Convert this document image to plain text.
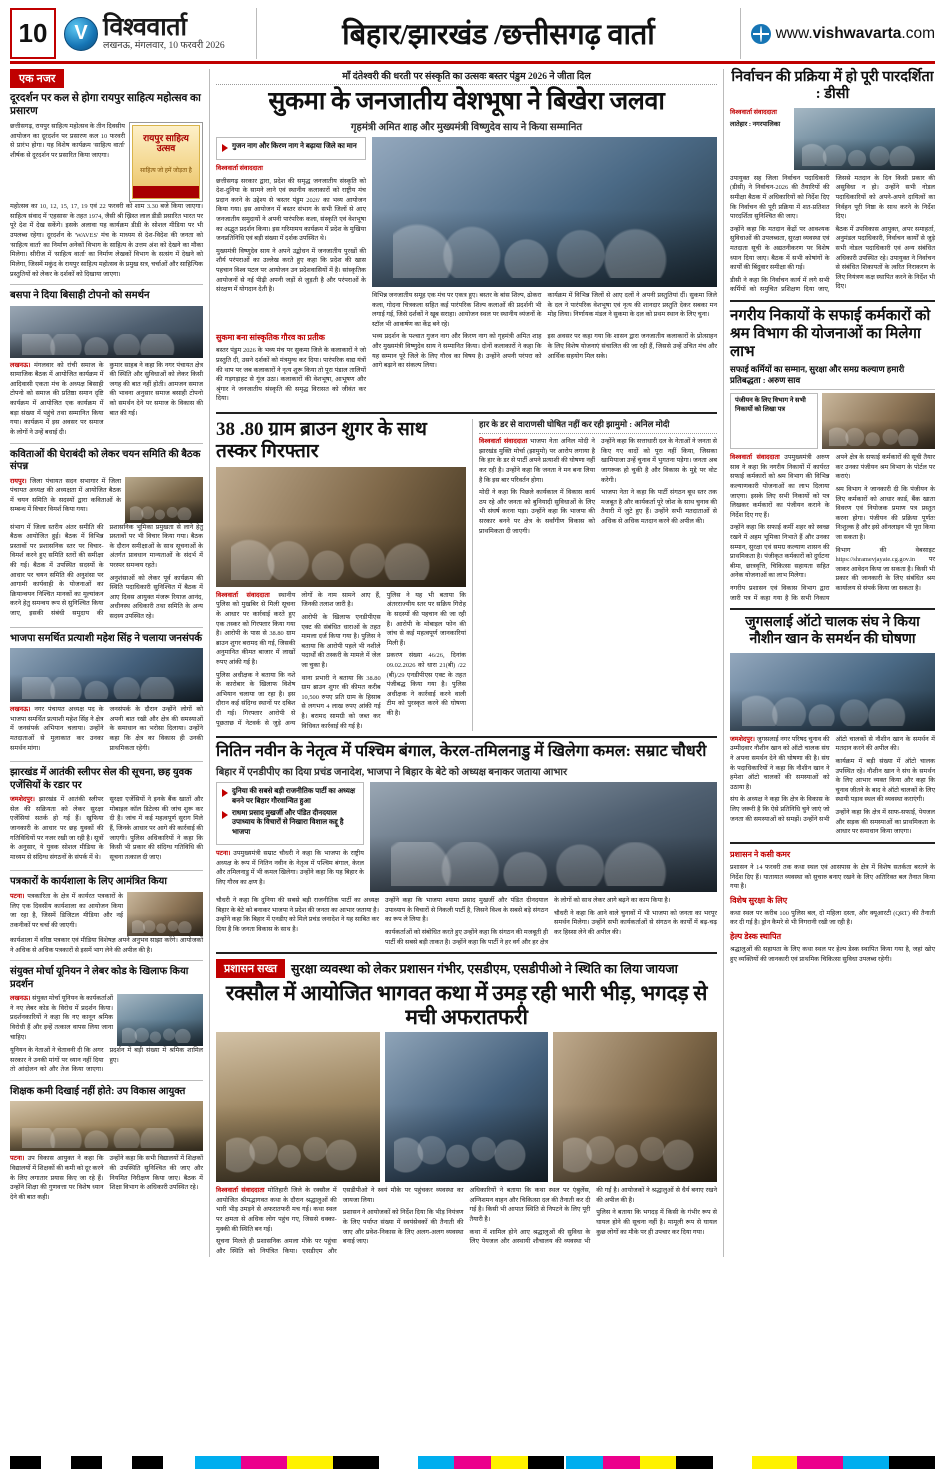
10 V	विश्ववार्ता
लखनऊ, मंगलवार, 10 फरवरी 2026	बिहार/झारखंड /छत्तीसगढ़ वार्ता	www.vishwavarta.com
एक नजर
दूरदर्शन पर कल से होगा रायपुर साहित्य महोत्सव का प्रसारण

छत्तीसगढ़, रायपुर साहित्य महोत्सव के तीन दिवसीय आयोजन का दूरदर्शन पर प्रसारण कल 10 फरवरी से प्रारंभ होगा। यह विशेष कार्यक्रम 'साहित्य वार्ता' शीर्षक से दूरदर्शन पर प्रसारित किया जाएगा।

रायपुर साहित्य उत्सव
साहित्य जो हमें जोड़ता है

महोत्सव का 10, 12, 15, 17, 19 एवं 22 फरवरी को शाम 3.30 बजे किया जाएगा। साहित्य संवाद में 'एहसास' के तहत 1974, जैसी श्री ख्रिस्त लाल डीडी प्रसारित भारत पर पूरे देश में देख सकेंगे। इसके अलावा यह कार्यक्रम डीडी के सोशल मीडिया पर भी उपलब्ध रहेगा। दूरदर्शन के 'WAVES' मंच के माध्यम से देश-विदेश की जनता को 'साहित्य वार्ता' का निर्माण अनेकों विभाग के साहित्य के उत्तम अंश को देखने का मौका मिलेगा। सीरीज में 'साहित्य वार्ता' का निर्माण लेखकों विभाग के सत्संग में देखने को मिलेगा, जिसमें मकुंद के रायपुर साहित्य महोत्सव के प्रमुख सत्र, चर्चाओं और साहित्यिक प्रस्तुतियों को लेकर के दर्शकों को दिखाया जाएगा।

बसपा ने दिया बिसाही टोपनो को समर्थन

लखनऊ। मंगलवार को रांची समाज के सामाजिक बैठक में आयोजित कार्यक्रम में आदिवासी एकता मंच के अध्यक्ष बिसाही टोपनो को समाज की प्रतिष्ठा समान दृष्टि कार्यक्रम में आयोजित एक कार्यक्रम में बड़ा संख्या में पहुंचे तथा सम्मानित किया गया। कार्यक्रम में इस अवसर पर समाज के लोगों ने उन्हें बधाई दी।

कुमार साहब ने कहा कि नगर पंचायत क्षेत्र की स्थिति और सुविधाओं को लेकर किसी जगह की बात नहीं होती। आमजन समाज की भावना अनुसार समाज बसाही टोपनो को समर्थन देने पर समाज के विकास की बात की गई।

कविताओं की घेराबंदी को लेकर चयन समिति की बैठक संपन्न

रायपुर। जिला पंचायत सदन सभागार में जिला पंचायत अध्यक्ष की अध्यक्षता में आयोजित बैठक में चयन समिति के सदस्यों द्वारा कविताओं के सम्बन्ध में विचार विमर्श किया गया।

संभाग में जिला स्तरीय अंतर समीति की बैठक आयोजित हुई। बैठक में विभिन्न प्रस्तावों पर प्रशासनिक स्तर पर विचार-विमर्श करने हुए समिति स्तरों की समीक्षा की गई। बैठक में उपस्थित सदस्यों के आधार पर चयन समिति की अनुशंसा पर आगामी कार्यवाही के योजनाओं का क्रियान्वयन निश्चित मानकों का मूल्यांकन करने हेतु समन्वय रूप से सुनिश्चित किया जाए, इसकी संबंधी समुदाय की प्रशासनिक भूमिका प्रमुखता से लाने हेतु प्रस्तावों पर भी विचार किया गया। बैठक के दौरान समीक्षाओं के साथ सूचनाओं के अंतर्गत प्रावधान मान्यताओं के संदर्भ में परस्पर समन्वय रहते।

अनुशंसाओं को लेकर पूर्व कार्यक्रम की स्थिति पदाधिकारी सुनिश्चित में बैठक में आए दिवस आयुक्त मंजरू रियाज आनंद, अधीनस्थ अधिकारी तथा समिति के अन्य सदस्य उपस्थित रहे।

भाजपा समर्थित प्रत्याशी महेश सिंह ने चलाया जनसंपर्क

लखनऊ। नगर पंचायत अध्यक्ष पद के भाजपा समर्थित प्रत्याशी महेश सिंह ने क्षेत्र में जनसंपर्क अभियान चलाया। उन्होंने मतदाताओं से मुलाकात कर उनका समर्थन मांगा।

जनसंपर्क के दौरान उन्होंने लोगों को अपनी बात रखी और क्षेत्र की समस्याओं के समाधान का भरोसा दिलाया। उन्होंने कहा कि क्षेत्र का विकास ही उनकी प्राथमिकता रहेगी।

झारखंड में आतंकी स्लीपर सेल की सूचना, छह युवक एजेंसियों के रडार पर

जमशेदपुर। झारखंड में आतंकी स्लीपर सेल की सक्रियता को लेकर सुरक्षा एजेंसियां सतर्क हो गई हैं। खुफिया जानकारी के आधार पर छह युवकों की गतिविधियों पर नजर रखी जा रही है। सूत्रों के अनुसार, ये युवक सोशल मीडिया के माध्यम से संदिग्ध संगठनों के संपर्क में थे।

सुरक्षा एजेंसियों ने इनके बैंक खातों और मोबाइल कॉल डिटेल्स की जांच शुरू कर दी है। जांच में कई महत्वपूर्ण सुराग मिले हैं, जिनके आधार पर आगे की कार्रवाई की जाएगी। पुलिस अधिकारियों ने कहा कि किसी भी प्रकार की संदिग्ध गतिविधि की सूचना तत्काल दी जाए।

पत्रकारों के कार्यशाला के लिए आमंत्रित किया

पटना। पत्रकारिता के क्षेत्र में कार्यरत पत्रकारों के लिए एक दिवसीय कार्यशाला का आयोजन किया जा रहा है, जिसमें डिजिटल मीडिया और नई तकनीकों पर चर्चा की जाएगी।

कार्यशाला में वरिष्ठ पत्रकार एवं मीडिया विशेषज्ञ अपने अनुभव साझा करेंगे। आयोजकों ने अधिक से अधिक पत्रकारों से इसमें भाग लेने की अपील की है।

संयुक्त मोर्चा यूनियन ने लेबर कोड के खिलाफ किया प्रदर्शन

लखनऊ। संयुक्त मोर्चा यूनियन के कार्यकर्ताओं ने नए लेबर कोड के विरोध में प्रदर्शन किया। प्रदर्शनकारियों ने कहा कि नए कानून श्रमिक विरोधी हैं और इन्हें तत्काल वापस लिया जाना चाहिए।

यूनियन के नेताओं ने चेतावनी दी कि अगर सरकार ने उनकी मांगों पर ध्यान नहीं दिया तो आंदोलन को और तेज किया जाएगा। प्रदर्शन में बड़ी संख्या में श्रमिक शामिल हुए।

शिक्षक कमी दिखाई नहीं होते: उप विकास आयुक्त

पटना। उप विकास आयुक्त ने कहा कि विद्यालयों में शिक्षकों की कमी को दूर करने के लिए लगातार प्रयास किए जा रहे हैं। उन्होंने शिक्षा की गुणवत्ता पर विशेष ध्यान देने की बात कही।

उन्होंने कहा कि सभी विद्यालयों में शिक्षकों की उपस्थिति सुनिश्चित की जाए और नियमित निरीक्षण किया जाए। बैठक में शिक्षा विभाग के अधिकारी उपस्थित रहे।

माँ दंतेश्वरी की धरती पर संस्कृति का उत्सवः बस्तर पंडुम 2026 ने जीता दिल
सुकमा के जनजातीय वेशभूषा ने बिखेरा जलवा
गृहमंत्री अमित शाह और मुख्यमंत्री विष्णुदेव साय ने किया सम्मानित
गुजन नाग और किरण नाग ने बढ़ाया जिले का मान

विश्ववार्ता संवाददाता

छत्तीसगढ़ सरकार द्वारा, प्रदेश की समृद्ध जनजातीय संस्कृति को देश-दुनिया के सामने लाने एवं स्थानीय कलाकारों को राष्ट्रीय मंच प्रदान करने के उद्देश्य से 'बस्तर पंडुम 2026' का भव्य आयोजन किया गया। इस आयोजन में बस्तर संभाग के सभी जिलों से आए जनजातीय समुदायों ने अपनी पारंपरिक कला, संस्कृति एवं वेशभूषा का अद्भुत प्रदर्शन किया। इस गरिमामय कार्यक्रम में प्रदेश के मुखिया जनप्रतिनिधि एवं बड़ी संख्या में दर्शक उपस्थित थे।

मुख्यमंत्री विष्णुदेव साय ने अपने उद्बोधन में जनजातीय पुरखों की शौर्य परंपराओं का उल्लेख करते हुए कहा कि प्रदेश की खास पहचान विश्व पटल पर आयोजन उन प्रदेशवासियों में है। सांस्कृतिक आयोजनों से नई पीढ़ी अपनी जड़ों से जुड़ती है और परंपराओं के संरक्षण में योगदान देती है।

विभिन्न जनजातीय समूह एक मंच पर एकत्र हुए। बस्तर के बांस शिल्प, ढोकरा कला, गोदना चित्रकला सहित कई पारंपरिक शिल्प कलाओं की प्रदर्शनी भी लगाई गई, जिसे दर्शकों ने खूब सराहा। आयोजन स्थल पर स्थानीय व्यंजनों के स्टॉल भी आकर्षण का केंद्र बने रहे।

कार्यक्रम में विभिन्न जिलों से आए दलों ने अपनी प्रस्तुतियां दीं। सुकमा जिले के दल ने पारंपरिक वेशभूषा एवं नृत्य की शानदार प्रस्तुति देकर सबका मन मोह लिया। निर्णायक मंडल ने सुकमा के दल को प्रथम स्थान के लिए चुना।

सुकमा बना सांस्कृतिक गौरव का प्रतीक

बस्तर पंडुम 2026 के भव्य मंच पर सुकमा जिले के कलाकारों ने जो प्रस्तुति दी, उसने दर्शकों को मंत्रमुग्ध कर दिया। पारंपरिक वाद्य यंत्रों की थाप पर जब कलाकारों ने नृत्य शुरू किया तो पूरा पंडाल तालियों की गड़गड़ाहट से गूंज उठा। कलाकारों की वेशभूषा, आभूषण और श्रृंगार ने जनजातीय संस्कृति की समृद्ध विरासत को जीवंत कर दिया।

भव्य प्रदर्शन के पश्चात गुजन नाग और किरण नाग को गृहमंत्री अमित शाह और मुख्यमंत्री विष्णुदेव साय ने सम्मानित किया। दोनों कलाकारों ने कहा कि यह सम्मान पूरे जिले के लिए गौरव का विषय है। उन्होंने अपनी परंपरा को आगे बढ़ाने का संकल्प लिया।

इस अवसर पर कहा गया कि शासन द्वारा जनजातीय कलाकारों के प्रोत्साहन के लिए विशेष योजनाएं संचालित की जा रही हैं, जिससे उन्हें उचित मंच और आर्थिक सहयोग मिल सके।

38 .80 ग्राम ब्राउन शुगर के साथ तस्कर गिरफ्तार

विश्ववार्ता संवाददाता स्थानीय पुलिस को मुखबिर से मिली सूचना के आधार पर कार्रवाई करते हुए एक तस्कर को गिरफ्तार किया गया है। आरोपी के पास से 38.80 ग्राम ब्राउन शुगर बरामद की गई, जिसकी अनुमानित कीमत बाजार में लाखों रुपए आंकी गई है।

पुलिस अधीक्षक ने बताया कि नशे के कारोबार के खिलाफ विशेष अभियान चलाया जा रहा है। इस दौरान कई संदिग्ध स्थानों पर दबिश दी गई। गिरफ्तार आरोपी से पूछताछ में नेटवर्क से जुड़े अन्य लोगों के नाम सामने आए हैं, जिनकी तलाश जारी है।

आरोपी के खिलाफ एनडीपीएस एक्ट की संबंधित धाराओं के तहत मामला दर्ज किया गया है। पुलिस ने बताया कि आरोपी पहले भी नशीले पदार्थों की तस्करी के मामले में जेल जा चुका है।

थाना प्रभारी ने बताया कि 38.80 ग्राम ब्राउन शुगर की कीमत करीब 10,500 रुपए प्रति ग्राम के हिसाब से लगभग 4 लाख रुपए आंकी गई है। बरामद सामग्री को जब्त कर विधिवत कार्रवाई की गई है।

पुलिस ने यह भी बताया कि अंतरराज्यीय स्तर पर सक्रिय गिरोह के सदस्यों की पहचान की जा रही है। आरोपी के मोबाइल फोन की जांच से कई महत्वपूर्ण जानकारियां मिली हैं।

प्रकरण संख्या 46/26, दिनांक 09.02.2026 को धारा 21(बी) /22 (बी)/29 एनडीपीएस एक्ट के तहत पंजीबद्ध किया गया है। पुलिस अधीक्षक ने कार्रवाई करने वाली टीम को पुरस्कृत करने की घोषणा की है।

हार के डर से वाराणसी घोषित नहीं कर रही झामुमो : अनिल मोदी

विश्ववार्ता संवाददाता भाजपा नेता अनिल मोदी ने झारखंड मुक्ति मोर्चा (झामुमो) पर आरोप लगाया है कि हार के डर से पार्टी अपने प्रत्याशी की घोषणा नहीं कर रही है। उन्होंने कहा कि जनता ने मन बना लिया है कि इस बार परिवर्तन होगा।

मोदी ने कहा कि पिछले कार्यकाल में विकास कार्य ठप रहे और जनता को बुनियादी सुविधाओं के लिए भी संघर्ष करना पड़ा। उन्होंने कहा कि भाजपा की सरकार बनने पर क्षेत्र के सर्वांगीण विकास को प्राथमिकता दी जाएगी।

उन्होंने कहा कि सत्ताधारी दल के नेताओं ने जनता से किए गए वादों को पूरा नहीं किया, जिसका खामियाजा उन्हें चुनाव में भुगतना पड़ेगा। जनता अब जागरूक हो चुकी है और विकास के मुद्दे पर वोट करेगी।

भाजपा नेता ने कहा कि पार्टी संगठन बूथ स्तर तक मजबूत है और कार्यकर्ता पूरे जोश के साथ चुनाव की तैयारी में जुटे हुए हैं। उन्होंने सभी मतदाताओं से अधिक से अधिक मतदान करने की अपील की।

नितिन नवीन के नेतृत्व में पश्चिम बंगाल, केरल-तमिलनाडु में खिलेगा कमल: सम्राट चौधरी
बिहार में एनडीपीए का दिया प्रचंड जनादेश, भाजपा ने बिहार के बेटे को अध्यक्ष बनाकर जताया आभार
दुनिया की सबसे बड़ी राजनीतिक पार्टी का अध्यक्ष बनने पर बिहार गौरवान्वित हुआ
राधमा प्रसाद मुखर्जी और पंडित दीनदयाल उपाध्याय के विचारों से निखारा विशाल कद्दू है भाजपा

पटना। उपमुख्यमंत्री सम्राट चौधरी ने कहा कि भाजपा के राष्ट्रीय अध्यक्ष के रूप में नितिन नवीन के नेतृत्व में पश्चिम बंगाल, केरल और तमिलनाडु में भी कमल खिलेगा। उन्होंने कहा कि यह बिहार के लिए गौरव का क्षण है।

चौधरी ने कहा कि दुनिया की सबसे बड़ी राजनीतिक पार्टी का अध्यक्ष बिहार के बेटे को बनाकर भाजपा ने प्रदेश की जनता का आभार जताया है। उन्होंने कहा कि बिहार में एनडीए को मिले प्रचंड जनादेश ने यह साबित कर दिया है कि जनता विकास के साथ है।

उन्होंने कहा कि भाजपा श्यामा प्रसाद मुखर्जी और पंडित दीनदयाल उपाध्याय के विचारों से निकली पार्टी है, जिसने विश्व के सबसे बड़े संगठन का रूप ले लिया है।

कार्यकर्ताओं को संबोधित करते हुए उन्होंने कहा कि संगठन की मजबूती ही पार्टी की सबसे बड़ी ताकत है। उन्होंने कहा कि पार्टी ने हर वर्ग और हर क्षेत्र के लोगों को साथ लेकर आगे बढ़ने का काम किया है।

चौधरी ने कहा कि आने वाले चुनावों में भी भाजपा को जनता का भरपूर समर्थन मिलेगा। उन्होंने सभी कार्यकर्ताओं से संगठन के कार्यों में बढ़-चढ़ कर हिस्सा लेने की अपील की।

प्रशासन सख्त	सुरक्षा व्यवस्था को लेकर प्रशासन गंभीर, एसडीएम, एसडीपीओ ने स्थिति का लिया जायजा
रक्सौल में आयोजित भागवत कथा में उमड़ रही भारी भीड़, भगदड़ से मची अफरातफरी

विश्ववार्ता संवाददाता मोतिहारी जिले के रक्सौल में आयोजित श्रीमद्भागवत कथा के दौरान श्रद्धालुओं की भारी भीड़ उमड़ने से अफरातफरी मच गई। कथा स्थल पर क्षमता से अधिक लोग पहुंच गए, जिससे धक्का-मुक्की की स्थिति बन गई।

सूचना मिलते ही प्रशासनिक अमला मौके पर पहुंचा और स्थिति को नियंत्रित किया। एसडीएम और एसडीपीओ ने स्वयं मौके पर पहुंचकर व्यवस्था का जायजा लिया।

प्रशासन ने आयोजकों को निर्देश दिया कि भीड़ नियंत्रण के लिए पर्याप्त संख्या में स्वयंसेवकों की तैनाती की जाए और प्रवेश-निकास के लिए अलग-अलग व्यवस्था बनाई जाए।

अधिकारियों ने बताया कि कथा स्थल पर एंबुलेंस, अग्निशमन वाहन और चिकित्सा दल की तैनाती कर दी गई है। किसी भी आपात स्थिति से निपटने के लिए पूरी तैयारी है।

कथा में शामिल होने आए श्रद्धालुओं की सुविधा के लिए पेयजल और अस्थायी शौचालय की व्यवस्था भी की गई है। आयोजकों ने श्रद्धालुओं से धैर्य बनाए रखने की अपील की है।

पुलिस ने बताया कि भगदड़ में किसी के गंभीर रूप से घायल होने की सूचना नहीं है। मामूली रूप से घायल कुछ लोगों का मौके पर ही उपचार कर दिया गया।

निर्वाचन की प्रक्रिया में हो पूरी पारदर्शिता : डीसी

विश्ववार्ता संवाददाता

लातेहार : नगरपालिका

उपायुक्त सह जिला निर्वाचन पदाधिकारी (डीसी) ने निर्वाचन-2026 की तैयारियों की समीक्षा बैठक में अधिकारियों को निर्देश दिए कि निर्वाचन की पूरी प्रक्रिया में शत-प्रतिशत पारदर्शिता सुनिश्चित की जाए।

उन्होंने कहा कि मतदान केंद्रों पर आवश्यक सुविधाओं की उपलब्धता, सुरक्षा व्यवस्था एवं मतदाता सूची के अद्यतनीकरण पर विशेष ध्यान दिया जाए। बैठक में सभी कोषांगों के कार्यों की बिंदुवार समीक्षा की गई।

डीसी ने कहा कि निर्वाचन कार्य में लगे सभी कर्मियों को समुचित प्रशिक्षण दिया जाए, जिससे मतदान के दिन किसी प्रकार की असुविधा न हो। उन्होंने सभी नोडल पदाधिकारियों को अपने-अपने दायित्वों का निर्वहन पूरी निष्ठा के साथ करने के निर्देश दिए।

बैठक में उपविकास आयुक्त, अपर समाहर्ता, अनुमंडल पदाधिकारी, निर्वाचन कार्यों से जुड़े सभी नोडल पदाधिकारी एवं अन्य संबंधित अधिकारी उपस्थित रहे। उपायुक्त ने निर्वाचन से संबंधित शिकायतों के त्वरित निराकरण के लिए नियंत्रण कक्ष स्थापित करने के निर्देश भी दिए।

नगरीय निकायों के सफाई कर्मकारों को श्रम विभाग की योजनाओं का मिलेगा लाभ
सफाई कर्मियों का सम्मान, सुरक्षा और समग्र कल्याण हमारी प्रतिबद्धता : अरुण साव
पंजीयन के लिए विभाग ने सभी निकायों को लिखा पत्र

विश्ववार्ता संवाददाता उपमुख्यमंत्री अरुण साव ने कहा कि नगरीय निकायों में कार्यरत सफाई कर्मकारों को श्रम विभाग की विभिन्न कल्याणकारी योजनाओं का लाभ दिलाया जाएगा। इसके लिए सभी निकायों को पत्र लिखकर कर्मकारों का पंजीयन कराने के निर्देश दिए गए हैं।

उन्होंने कहा कि सफाई कर्मी शहर को स्वच्छ रखने में अहम भूमिका निभाते हैं और उनका सम्मान, सुरक्षा एवं समग्र कल्याण शासन की प्राथमिकता है। पंजीकृत कर्मकारों को दुर्घटना बीमा, छात्रवृत्ति, चिकित्सा सहायता सहित अनेक योजनाओं का लाभ मिलेगा।

नगरीय प्रशासन एवं विकास विभाग द्वारा जारी पत्र में कहा गया है कि सभी निकाय अपने क्षेत्र के सफाई कर्मकारों की सूची तैयार कर उनका पंजीयन श्रम विभाग के पोर्टल पर कराएं।

श्रम विभाग ने जानकारी दी कि पंजीयन के लिए कर्मकारों को आधार कार्ड, बैंक खाता विवरण एवं नियोजक प्रमाण पत्र प्रस्तुत करना होगा। पंजीयन की प्रक्रिया पूर्णतः निःशुल्क है और इसे ऑनलाइन भी पूरा किया जा सकता है।

विभाग की वेबसाइट https://shramevjayate.cg.gov.in पर जाकर आवेदन किया जा सकता है। किसी भी प्रकार की जानकारी के लिए संबंधित श्रम कार्यालय से संपर्क किया जा सकता है।

जुगसलाई ऑटो चालक संघ ने किया नौशीन खान के समर्थन की घोषणा

जमशेदपुर। जुगसलाई नगर परिषद चुनाव की उम्मीदवार नौशीन खान को ऑटो चालक संघ ने अपना समर्थन देने की घोषणा की है। संघ के पदाधिकारियों ने कहा कि नौशीन खान ने हमेशा ऑटो चालकों की समस्याओं को उठाया है।

संघ के अध्यक्ष ने कहा कि क्षेत्र के विकास के लिए जरूरी है कि ऐसे प्रतिनिधि चुने जाएं जो जनता की समस्याओं को समझें। उन्होंने सभी ऑटो चालकों से नौशीन खान के समर्थन में मतदान करने की अपील की।

कार्यक्रम में बड़ी संख्या में ऑटो चालक उपस्थित रहे। नौशीन खान ने संघ के समर्थन के लिए आभार व्यक्त किया और कहा कि चुनाव जीतने के बाद वे ऑटो चालकों के लिए स्थायी पड़ाव स्थल की व्यवस्था कराएंगी।

उन्होंने कहा कि क्षेत्र में साफ-सफाई, पेयजल और सड़क की समस्याओं का प्राथमिकता के आधार पर समाधान किया जाएगा।

प्रशासन ने कसी कमर

प्रशासन ने 14 फरवरी तक कथा स्थल एवं आसपास के क्षेत्र में विशेष सतर्कता बरतने के निर्देश दिए हैं। यातायात व्यवस्था को सुचारु बनाए रखने के लिए अतिरिक्त बल तैनात किया गया है।

विशेष सुरक्षा के लिए

कथा स्थल पर करीब 100 पुलिस बल, दो महिला दस्ता, और क्यूआरटी (QRT) की तैनाती कर दी गई है। ड्रोन कैमरे से भी निगरानी रखी जा रही है।

हेल्प डेस्क स्थापित

श्रद्धालुओं की सहायता के लिए कथा स्थल पर हेल्प डेस्क स्थापित किया गया है, जहां खोए हुए व्यक्तियों की जानकारी एवं प्राथमिक चिकित्सा सुविधा उपलब्ध रहेगी।
